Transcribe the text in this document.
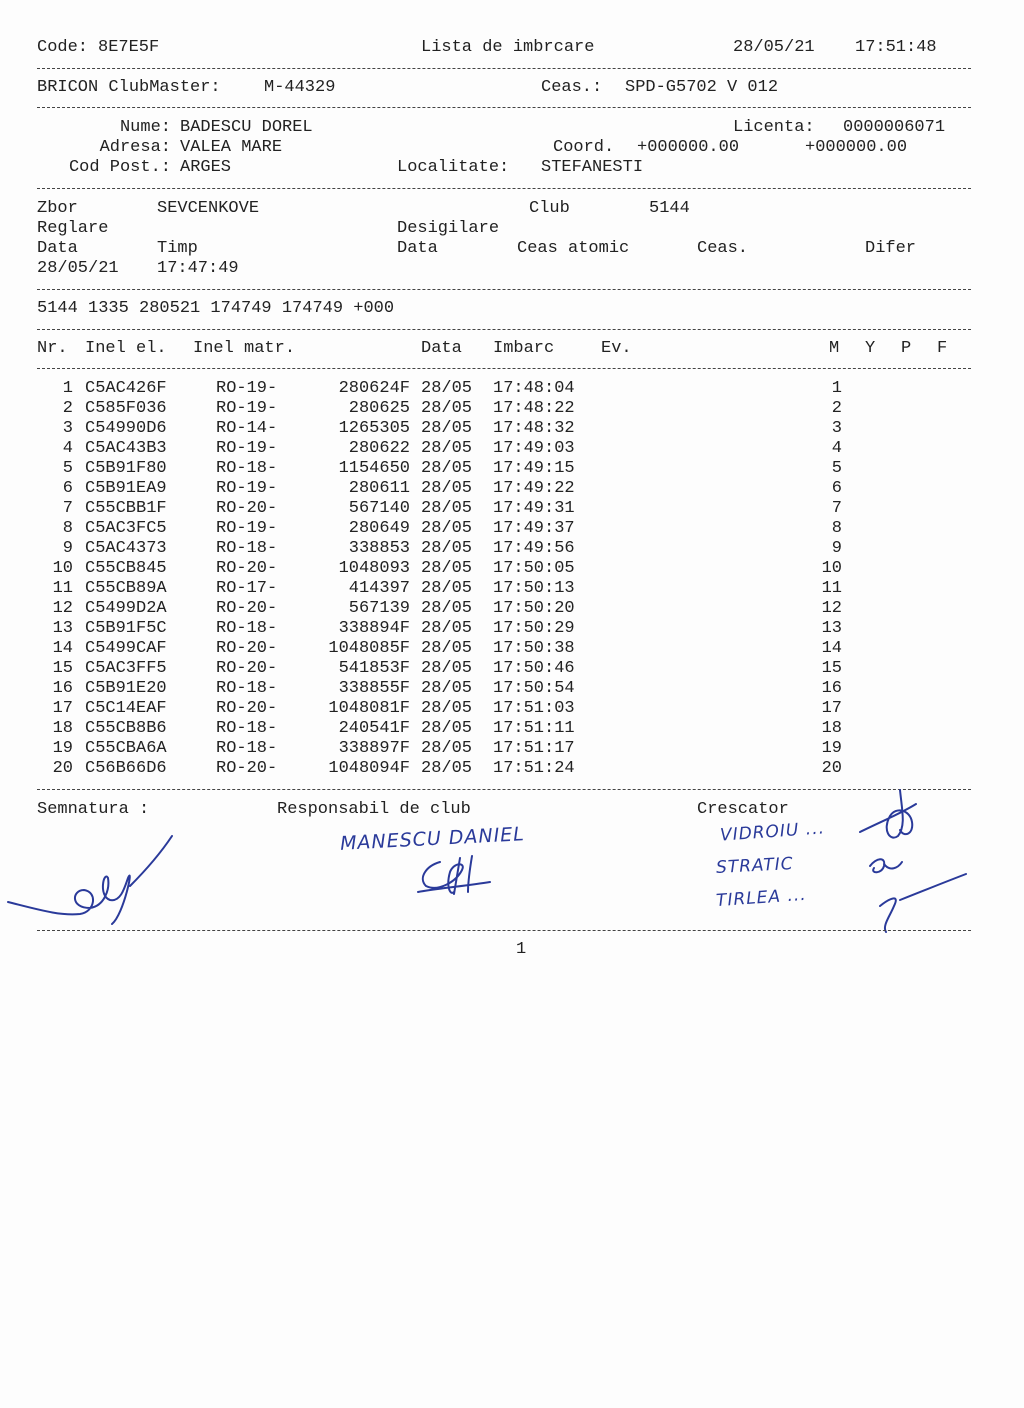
Code: 8E7E5F	Lista de imbrcare	28/05/21 17:51:48
BRICON ClubMaster:	M-44329	Ceas.: SPD-G5702 V 012
Nume: BADESCU DOREL	Licenta: 0000006071
Adresa: VALEA MARE	Coord. +000000.00	+000000.00
Cod Post.: ARGES	Localitate: STEFANESTI
Zbor	SEVCENKOVE	Club	5144
Reglare	Desigilare
Data	Timp	Data	Ceas atomic	Ceas.	Difer
28/05/21 17:47:49
5144 1335 280521 174749 174749 +000
Nr. Inel el. Inel matr.	Data Imbarc	Ev.	M Y P F
1 C5AC426F	RO-19-	280624F 28/05	17:48:04	1
2 C585F036	RO-19-	280625 28/05	17:48:22	2
3 C54990D6	RO-14-	1265305 28/05	17:48:32	3
4 C5AC43B3	RO-19-	280622 28/05	17:49:03	4
5 C5B91F80	RO-18-	1154650 28/05	17:49:15	5
6 C5B91EA9	RO-19-	280611 28/05	17:49:22	6
7 C55CBB1F	RO-20-	567140 28/05	17:49:31	7
8 C5AC3FC5	RO-19-	280649 28/05	17:49:37	8
9 C5AC4373	RO-18-	338853 28/05	17:49:56	9
10 C55CB845	RO-20-	1048093 28/05	17:50:05	10
11 C55CB89A	RO-17-	414397 28/05	17:50:13	11
12 C5499D2A	RO-20-	567139 28/05	17:50:20	12
13 C5B91F5C	RO-18-	338894F 28/05	17:50:29	13
14 C5499CAF	RO-20-	1048085F 28/05	17:50:38	14
15 C5AC3FF5	RO-20-	541853F 28/05	17:50:46	15
16 C5B91E20	RO-18-	338855F 28/05	17:50:54	16
17 C5C14EAF	RO-20-	1048081F 28/05	17:51:03	17
18 C55CB8B6	RO-18-	240541F 28/05	17:51:11	18
19 C55CBA6A	RO-18-	338897F 28/05	17:51:17	19
20 C56B66D6	RO-20-	1048094F 28/05	17:51:24	20
Semnatura :	Responsabil de club	Crescator
MANESCU DANIEL	VIDROIU ...
STRATIC
TIRLEA ...
1
